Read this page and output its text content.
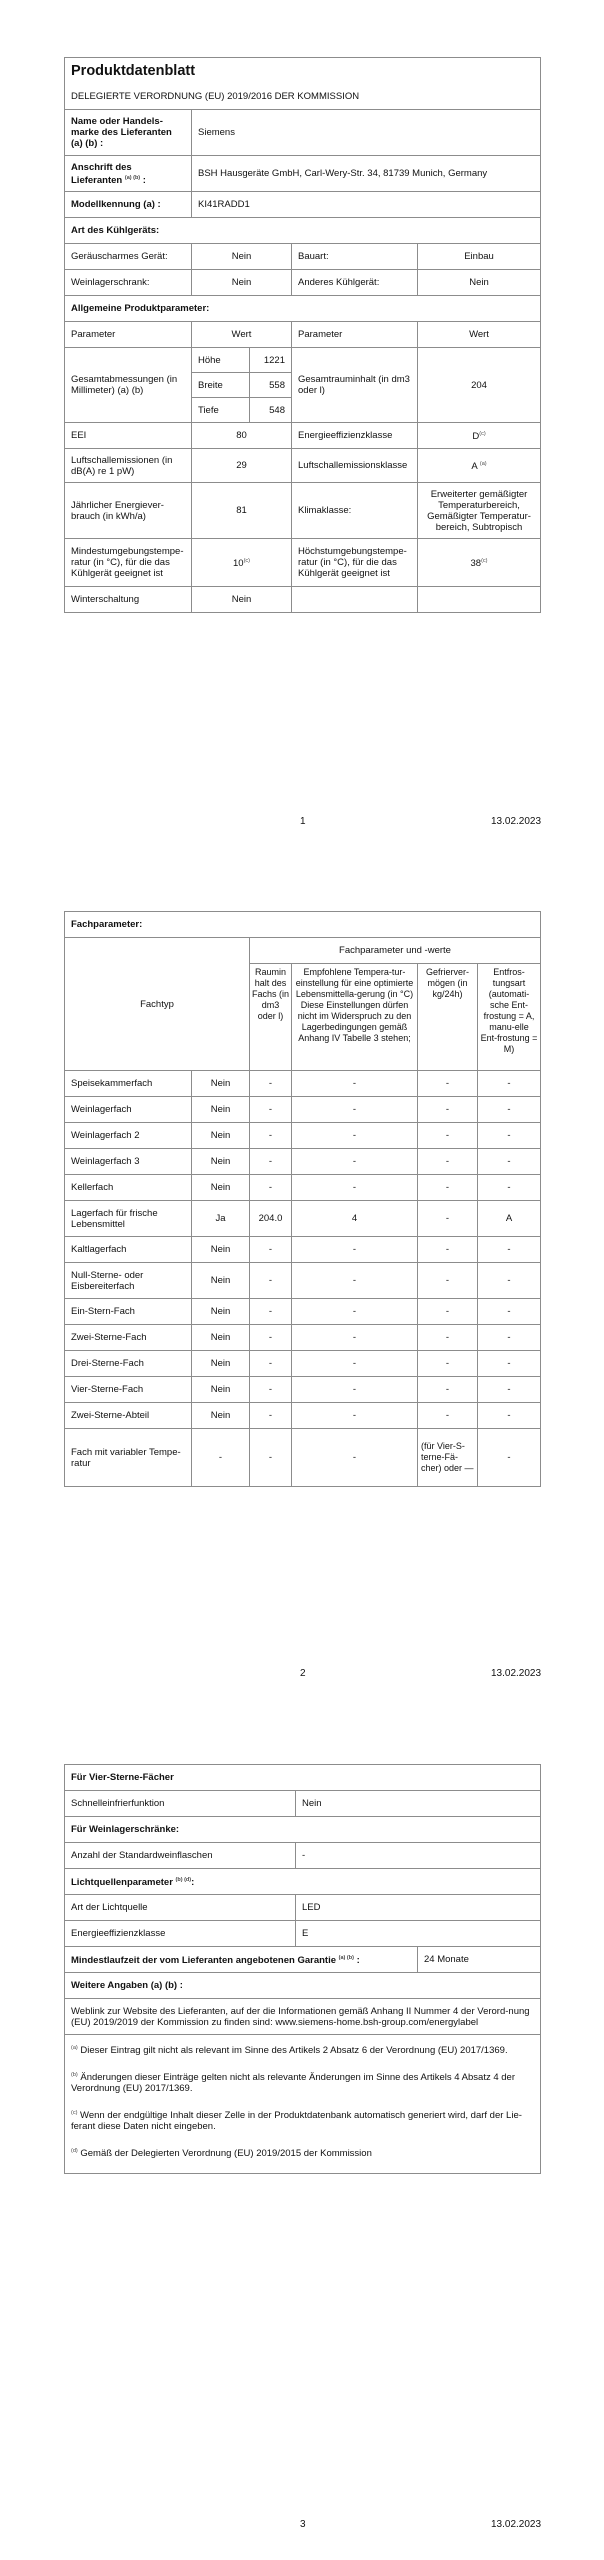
Produktdatenblatt				
DELEGIERTE VERORDNUNG (EU) 2019/2016 DER KOMMISSION				
Name oder Handels-marke des Lieferanten (a) (b) :	Siemens			
Anschrift des Lieferanten $^{(a) (b)}$ :	BSH Hausgeräte GmbH, Carl-Wery-Str. 34, 81739 Munich, Germany			
Modellkennung (a) :	KI41RADD1			
Art des Kühlgeräts:				
Geräuscharmes Gerät:	Nein		Bauart:	Einbau
Weinlagerschrank:	Nein		Anderes Kühlgerät:	Nein
Allgemeine Produktparameter:				
Parameter	Wert		Parameter	Wert
Gesamtabmessungen (in Millimeter) (a) (b)	Höhe	1221	Gesamtrauminhalt (in dm3 oder l)	204
	Breite	558		
	Tiefe	548		
EEI	80		Energieeffizienzklasse	$D^{(c)}$
Luftschallemissionen (in dB(A) re 1 pW)	29		Luftschallemissionsklasse	A $^{(a)}$
Jährlicher Energiever-brauch (in kWh/a)	81		Klimaklasse:	Erweiterter gemäßigter Temperaturbereich, Gemäßigter Temperatur-bereich, Subtropisch
Mindestumgebungstempe-ratur (in °C), für die das Kühlgerät geeignet ist	10$^{(c)}$		Höchstumgebungstempe-ratur (in °C), für die das Kühlgerät geeignet ist	38$^{(c)}$
Winterschaltung	Nein			
1	13.02.2023
Fachparameter:					
Fachtyp		Fachparameter und -werte			
		Raumin halt des Fachs (in dm3 oder l)	Empfohlene Tempera-tur-einstellung für eine optimierte Lebensmittella-gerung (in °C) Diese Einstellungen dürfen nicht im Widerspruch zu den Lagerbedingungen gemäß Anhang IV Tabelle 3 stehen;	Gefrierver-mögen (in kg/24h)	Entfros-tungsart (automati-sche Ent-frostung = A, manu-elle Ent-frostung = M)
Speisekammerfach	Nein	-	-	-	-
Weinlagerfach	Nein	-	-	-	-
Weinlagerfach 2	Nein	-	-	-	-
Weinlagerfach 3	Nein	-	-	-	-
Kellerfach	Nein	-	-	-	-
Lagerfach für frische Lebensmittel	Ja	204.0	4	-	A
Kaltlagerfach	Nein	-	-	-	-
Null-Sterne- oder Eisbereiterfach	Nein	-	-	-	-
Ein-Stern-Fach	Nein	-	-	-	-
Zwei-Sterne-Fach	Nein	-	-	-	-
Drei-Sterne-Fach	Nein	-	-	-	-
Vier-Sterne-Fach	Nein	-	-	-	-
Zwei-Sterne-Abteil	Nein	-	-	-	-
Fach mit variabler Tempe-ratur	-	-	-	(für Vier-S-terne-Fä-cher) oder —	-
2	13.02.2023
Für Vier-Sterne-Fächer		
Schnelleinfrierfunktion	Nein	
Für Weinlagerschränke:		
Anzahl der Standardweinflaschen	-	
Lichtquellenparameter $^{(b) (d)}$:		
Art der Lichtquelle	LED	
Energieeffizienzklasse	E	
Mindestlaufzeit der vom Lieferanten angebotenen Garantie $^{(a) (b)}$ :		24 Monate
Weitere Angaben (a) (b) :		
Weblink zur Website des Lieferanten, auf der die Informationen gemäß Anhang II Nummer 4 der Verord-nung (EU) 2019/2019 der Kommission zu finden sind: www.siemens-home.bsh-group.com/energylabel		

$^{(a)}$ Dieser Eintrag gilt nicht als relevant im Sinne des Artikels 2 Absatz 6 der Verordnung (EU) 2017/1369.
$^{(b)}$ Änderungen dieser Einträge gelten nicht als relevante Änderungen im Sinne des Artikels 4 Absatz 4 der Verordnung (EU) 2017/1369.
$^{(c)}$ Wenn der endgültige Inhalt dieser Zelle in der Produktdatenbank automatisch generiert wird, darf der Lie-ferant diese Daten nicht eingeben.
$^{(d)}$ Gemäß der Delegierten Verordnung (EU) 2019/2015 der Kommission		
3	13.02.2023
